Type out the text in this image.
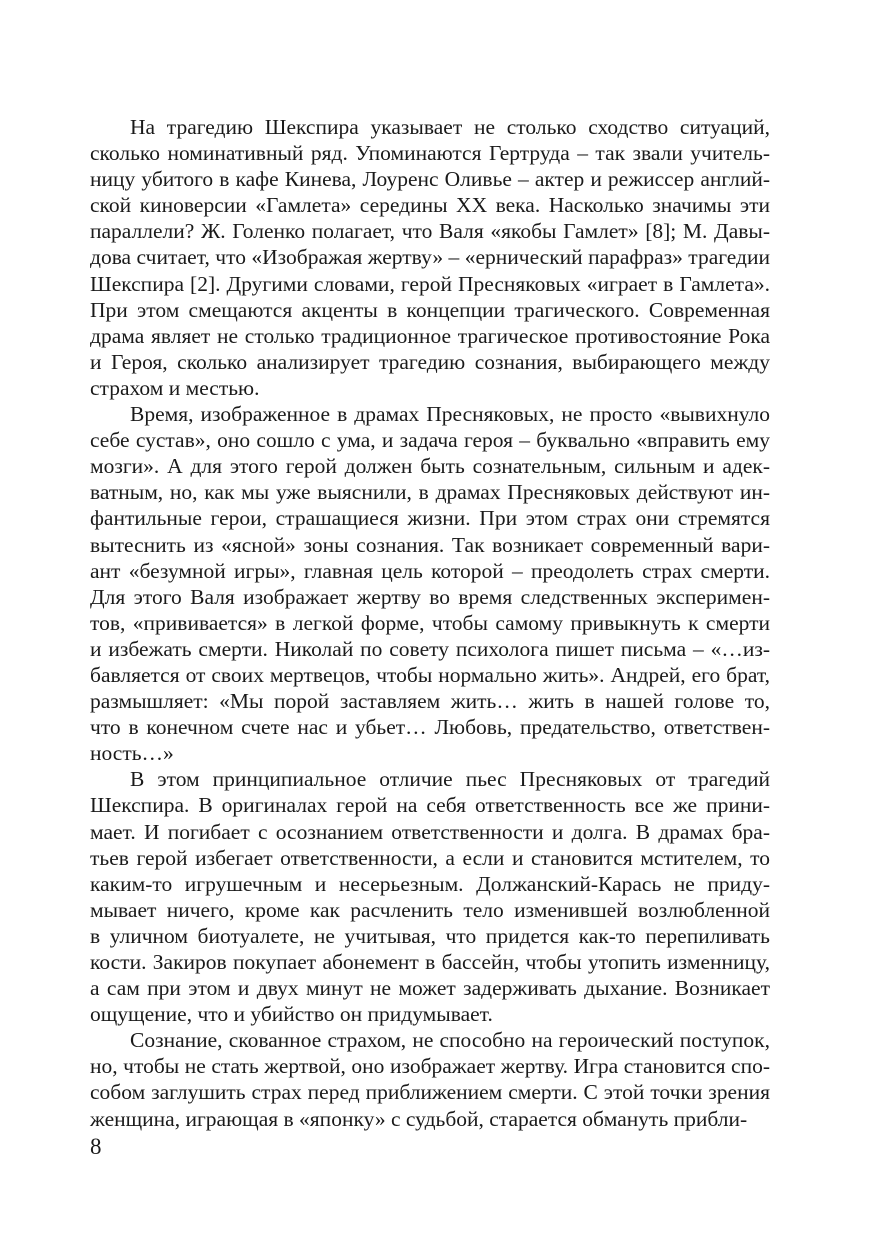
На трагедию Шекспира указывает не столько сходство ситуаций,
сколько номинативный ряд. Упоминаются Гертруда – так звали учитель-
ницу убитого в кафе Кинева, Лоуренс Оливье – актер и режиссер англий-
ской киноверсии «Гамлета» середины XX века. Насколько значимы эти
параллели? Ж. Голенко полагает, что Валя «якобы Гамлет» [8]; М. Давы-
дова считает, что «Изображая жертву» – «ернический парафраз» трагедии
Шекспира [2]. Другими словами, герой Пресняковых «играет в Гамлета».
При этом смещаются акценты в концепции трагического. Современная
драма являет не столько традиционное трагическое противостояние Рока
и Героя, сколько анализирует трагедию сознания, выбирающего между
страхом и местью.
Время, изображенное в драмах Пресняковых, не просто «вывихнуло
себе сустав», оно сошло с ума, и задача героя – буквально «вправить ему
мозги». А для этого герой должен быть сознательным, сильным и адек-
ватным, но, как мы уже выяснили, в драмах Пресняковых действуют ин-
фантильные герои, страшащиеся жизни. При этом страх они стремятся
вытеснить из «ясной» зоны сознания. Так возникает современный вари-
ант «безумной игры», главная цель которой – преодолеть страх смерти.
Для этого Валя изображает жертву во время следственных эксперимен-
тов, «прививается» в легкой форме, чтобы самому привыкнуть к смерти
и избежать смерти. Николай по совету психолога пишет письма – «…из-
бавляется от своих мертвецов, чтобы нормально жить». Андрей, его брат,
размышляет: «Мы порой заставляем жить… жить в нашей голове то,
что в конечном счете нас и убьет… Любовь, предательство, ответствен-
ность…»
В этом принципиальное отличие пьес Пресняковых от трагедий
Шекспира. В оригиналах герой на себя ответственность все же прини-
мает. И погибает с осознанием ответственности и долга. В драмах бра-
тьев герой избегает ответственности, а если и становится мстителем, то
каким-то игрушечным и несерьезным. Должанский-Карась не приду-
мывает ничего, кроме как расчленить тело изменившей возлюбленной
в уличном биотуалете, не учитывая, что придется как-то перепиливать
кости. Закиров покупает абонемент в бассейн, чтобы утопить изменницу,
а сам при этом и двух минут не может задерживать дыхание. Возникает
ощущение, что и убийство он придумывает.
Сознание, скованное страхом, не способно на героический поступок,
но, чтобы не стать жертвой, оно изображает жертву. Игра становится спо-
собом заглушить страх перед приближением смерти. С этой точки зрения
женщина, играющая в «японку» с судьбой, старается обмануть прибли-
8
